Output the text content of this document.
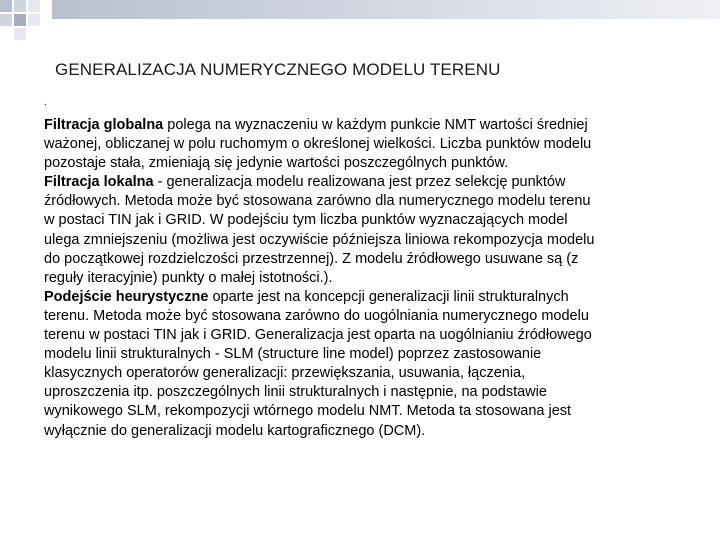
GENERALIZACJA NUMERYCZNEGO MODELU TERENU
.

Filtracja globalna polega na wyznaczeniu w każdym punkcie NMT wartości średniej

ważonej, obliczanej w polu ruchomym o określonej wielkości. Liczba punktów modelu

pozostaje stała, zmieniają się jedynie wartości poszczególnych punktów.

Filtracja lokalna - generalizacja modelu realizowana jest przez selekcję punktów

źródłowych. Metoda może być stosowana zarówno dla numerycznego modelu terenu

w postaci TIN jak i GRID. W podejściu tym liczba punktów wyznaczających model

ulega zmniejszeniu (możliwa jest oczywiście późniejsza liniowa rekompozycja modelu

do początkowej rozdzielczości przestrzennej). Z modelu źródłowego usuwane są (z

reguły iteracyjnie) punkty o małej istotności.).

Podejście heurystyczne oparte jest na koncepcji generalizacji linii strukturalnych

terenu. Metoda może być stosowana zarówno do uogólniania numerycznego modelu

terenu w postaci TIN jak i GRID. Generalizacja jest oparta na uogólnianiu źródłowego

modelu linii strukturalnych - SLM (structure line model) poprzez zastosowanie

klasycznych operatorów generalizacji: przewiększania, usuwania, łączenia,

uproszczenia itp. poszczególnych linii strukturalnych i następnie, na podstawie

wynikowego SLM, rekompozycji wtórnego modelu NMT. Metoda ta stosowana jest

wyłącznie do generalizacji modelu kartograficznego (DCM).
